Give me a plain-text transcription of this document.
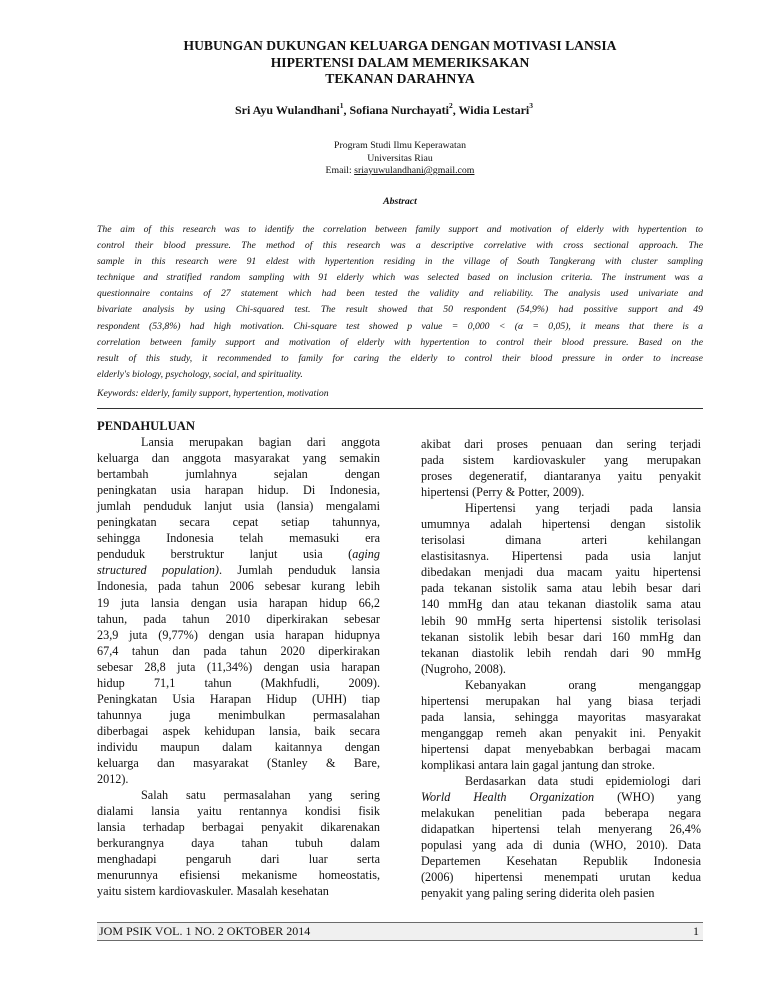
HUBUNGAN DUKUNGAN KELUARGA DENGAN MOTIVASI LANSIA
HIPERTENSI DALAM MEMERIKSAKAN
TEKANAN DARAHNYA
Sri Ayu Wulandhani$^1$, Sofiana Nurchayati$^2$, Widia Lestari$^3$
Program Studi Ilmu Keperawatan
Universitas Riau
Email: sriayuwulandhani@gmail.com
Abstract
The aim of this research was to identify the correlation between family support and motivation of elderly with hypertention to
control their blood pressure. The method of this research was a descriptive correlative with cross sectional approach. The
sample in this research were 91 eldest with hypertention residing in the village of South Tangkerang with cluster sampling
technique and stratified random sampling with 91 elderly which was selected based on inclusion criteria. The instrument was a
questionnaire contains of 27 statement which had been tested the validity and reliability. The analysis used univariate and
bivariate analysis by using Chi-squared test. The result showed that 50 respondent (54,9%) had possitive support and 49
respondent (53,8%) had high motivation. Chi-square test showed p value = 0,000 < (α = 0,05), it means that there is a
correlation between family support and motivation of elderly with hypertention to control their blood pressure. Based on the
result of this study, it recommended to family for caring the elderly to control their blood pressure in order to increase
elderly's biology, psychology, social, and spirituality.
Keywords: elderly, family support, hypertention, motivation
PENDAHULUAN
Lansia merupakan bagian dari anggota
keluarga dan anggota masyarakat yang semakin
bertambah jumlahnya sejalan dengan
peningkatan usia harapan hidup. Di Indonesia,
jumlah penduduk lanjut usia (lansia) mengalami
peningkatan secara cepat setiap tahunnya,
sehingga Indonesia telah memasuki era
penduduk berstruktur lanjut usia (aging
structured population). Jumlah penduduk lansia
Indonesia, pada tahun 2006 sebesar kurang lebih
19 juta lansia dengan usia harapan hidup 66,2
tahun, pada tahun 2010 diperkirakan sebesar
23,9 juta (9,77%) dengan usia harapan hidupnya
67,4 tahun dan pada tahun 2020 diperkirakan
sebesar 28,8 juta (11,34%) dengan usia harapan
hidup 71,1 tahun (Makhfudli, 2009).
Peningkatan Usia Harapan Hidup (UHH) tiap
tahunnya juga menimbulkan permasalahan
diberbagai aspek kehidupan lansia, baik secara
individu maupun dalam kaitannya dengan
keluarga dan masyarakat (Stanley & Bare,
2012).
Salah satu permasalahan yang sering
dialami lansia yaitu rentannya kondisi fisik
lansia terhadap berbagai penyakit dikarenakan
berkurangnya daya tahan tubuh dalam
menghadapi pengaruh dari luar serta
menurunnya efisiensi mekanisme homeostatis,
yaitu sistem kardiovaskuler. Masalah kesehatan
akibat dari proses penuaan dan sering terjadi
pada sistem kardiovaskuler yang merupakan
proses degeneratif, diantaranya yaitu penyakit
hipertensi (Perry & Potter, 2009).
Hipertensi yang terjadi pada lansia
umumnya adalah hipertensi dengan sistolik
terisolasi dimana arteri kehilangan
elastisitasnya. Hipertensi pada usia lanjut
dibedakan menjadi dua macam yaitu hipertensi
pada tekanan sistolik sama atau lebih besar dari
140 mmHg dan atau tekanan diastolik sama atau
lebih 90 mmHg serta hipertensi sistolik terisolasi
tekanan sistolik lebih besar dari 160 mmHg dan
tekanan diastolik lebih rendah dari 90 mmHg
(Nugroho, 2008).
Kebanyakan orang menganggap
hipertensi merupakan hal yang biasa terjadi
pada lansia, sehingga mayoritas masyarakat
menganggap remeh akan penyakit ini. Penyakit
hipertensi dapat menyebabkan berbagai macam
komplikasi antara lain gagal jantung dan stroke.
Berdasarkan data studi epidemiologi dari
World Health Organization (WHO) yang
melakukan penelitian pada beberapa negara
didapatkan hipertensi telah menyerang 26,4%
populasi yang ada di dunia (WHO, 2010). Data
Departemen Kesehatan Republik Indonesia
(2006) hipertensi menempati urutan kedua
penyakit yang paling sering diderita oleh pasien
JOM PSIK VOL. 1 NO. 2 OKTOBER 2014	1
